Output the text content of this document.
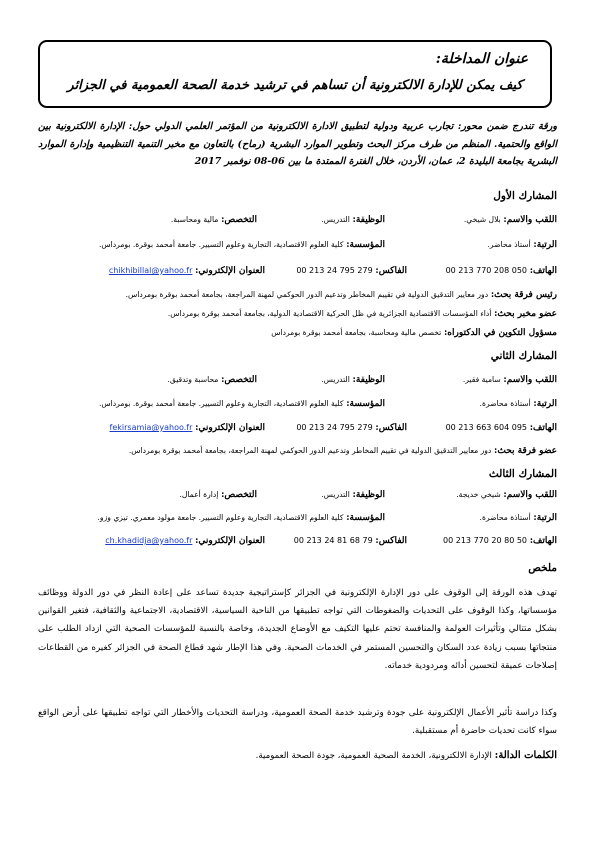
عنوان المداخلة:
كيف يمكن للإدارة الالكترونية أن تساهم في ترشيد خدمة الصحة العمومية في الجزائر
ورقة تندرج ضمن محور: تجارب عربية ودولية لتطبيق الادارة الالكترونية من المؤتمر العلمي الدولي حول: الإدارة الالكترونية بين الواقع والحتمية. المنظم من طرف مركز البحث وتطوير الموارد البشرية (رماح) بالتعاون مع مخبر التنمية التنظيمية وإدارة الموارد البشرية بجامعة البليدة 2، عمان، الأردن، خلال الفترة الممتدة ما بين 06-08 نوفمبر 2017
المشارك الأول
اللقب والاسم: بلال شيخي.
الوظيفة: التدريس.
التخصص: مالية ومحاسبة.
الرتبة: أستاذ محاضر.
المؤسسة: كلية العلوم الاقتصادية، التجارية وعلوم التسيير. جامعة أمحمد بوقرة. بومرداس.
الهاتف: 00 213 770 208 050
الفاكس: 00 213 24 795 279
العنوان الإلكتروني: chikhibillal@yahoo.fr
رئيس فرقة بحث: دور معايير التدقيق الدولية في تقييم المخاطر وتدعيم الدور الحوكمي لمهنة المراجعة، بجامعة أمحمد بوقرة بومرداس.
عضو مخبر بحث: أداء المؤسسات الاقتصادية الجزائرية في ظل الحركية الاقتصادية الدولية، بجامعة أمحمد بوقرة بومرداس.
مسؤول التكوين في الدكتوراه: تخصص مالية ومحاسبة، بجامعة أمحمد بوقرة بومرداس
المشارك الثاني
اللقب والاسم: سامية فقير.
الوظيفة: التدريس.
التخصص: محاسبة وتدقيق.
الرتبة: أستاذة محاضرة.
المؤسسة: كلية العلوم الاقتصادية، التجارية وعلوم التسيير. جامعة أمحمد بوقرة. بومرداس.
الهاتف: 00 213 663 604 095
الفاكس: 00 213 24 795 279
العنوان الإلكتروني: fekirsamia@yahoo.fr
عضو فرقة بحث: دور معايير التدقيق الدولية في تقييم المخاطر وتدعيم الدور الحوكمي لمهنة المراجعة، بجامعة أمحمد بوقرة بومرداس.
المشارك الثالث
اللقب والاسم: شيخي خديجة.
الوظيفة: التدريس.
التخصص: إدارة أعمال.
الرتبة: أستاذة محاضرة.
المؤسسة: كلية العلوم الاقتصادية، التجارية وعلوم التسيير. جامعة مولود معمري. تيزي وزو.
الهاتف: 00 213 770 20 80 50
الفاكس: 00 213 24 81 68 79
العنوان الإلكتروني: ch.khadidja@yahoo.fr
ملخص
تهدف هذه الورقة إلى الوقوف على دور الإدارة الإلكترونية في الجزائر كإستراتيجية جديدة تساعد على إعادة النظر في دور الدولة ووظائف مؤسساتها، وكذا الوقوف على التحديات والضغوطات التي تواجه تطبيقها من الناحية السياسية، الاقتصادية، الاجتماعية والثقافية، فتغير القوانين بشكل متتالي وتأثيرات العولمة والمنافسة تحتم عليها التكيف مع الأوضاع الجديدة، وخاصة بالنسبة للمؤسسات الصحية التي ازداد الطلب على منتجاتها بسبب زيادة عدد السكان والتحسين المستمر في الخدمات الصحية. وفي هذا الإطار شهد قطاع الصحة في الجزائر كغيره من القطاعات إصلاحات عميقة لتحسين أدائه ومردودية خدماته.
وكذا دراسة تأثير الأعمال الإلكترونية على جودة وترشيد خدمة الصحة العمومية، ودراسة التحديات والأخطار التي تواجه تطبيقها على أرض الواقع سواء كانت تحديات حاضرة أم مستقبلية.
الكلمات الدالة: الإدارة الالكترونية، الخدمة الصحية العمومية، جودة الصحة العمومية.
